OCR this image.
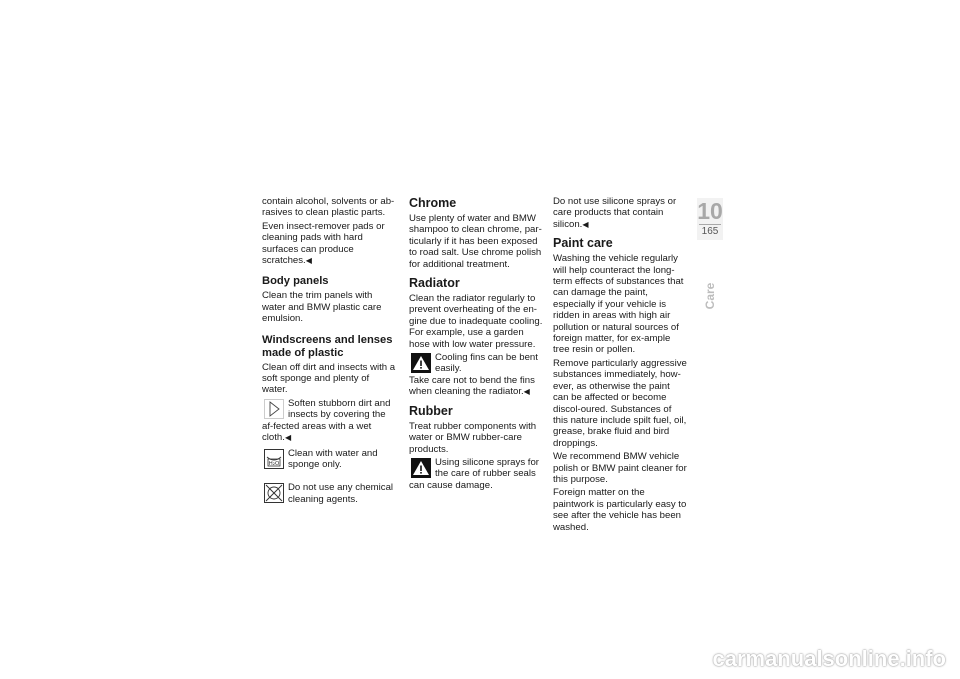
contain alcohol, solvents or ab-rasives to clean plastic parts.

Even insect-remover pads or cleaning pads with hard surfaces can produce scratches.◀

Body panels

Clean the trim panels with water and BMW plastic care emulsion.

Windscreens and lenses made of plastic

Clean off dirt and insects with a soft sponge and plenty of water.

Soften stubborn dirt and insects by covering the af-fected areas with a wet cloth.◀
H₂O
Clean with water and sponge only.
Do not use any chemical cleaning agents.
Chrome

Use plenty of water and BMW shampoo to clean chrome, par-ticularly if it has been exposed to road salt. Use chrome polish for additional treatment.

Radiator

Clean the radiator regularly to prevent overheating of the en-gine due to inadequate cooling. For example, use a garden hose with low water pressure.

Cooling fins can be bent easily.

Take care not to bend the fins when cleaning the radiator.◀

Rubber

Treat rubber components with water or BMW rubber-care products.

Using silicone sprays for the care of rubber seals can cause damage.

Do not use silicone sprays or care products that contain silicon.◀

Paint care

Washing the vehicle regularly will help counteract the long-term effects of substances that can damage the paint, especially if your vehicle is ridden in areas with high air pollution or natural sources of foreign matter, for ex-ample tree resin or pollen.

Remove particularly aggressive substances immediately, how-ever, as otherwise the paint can be affected or become discol-oured. Substances of this nature include spilt fuel, oil, grease, brake fluid and bird droppings.

We recommend BMW vehicle polish or BMW paint cleaner for this purpose.

Foreign matter on the paintwork is particularly easy to see after the vehicle has been washed.

10
165
Care
carmanualsonline.info
